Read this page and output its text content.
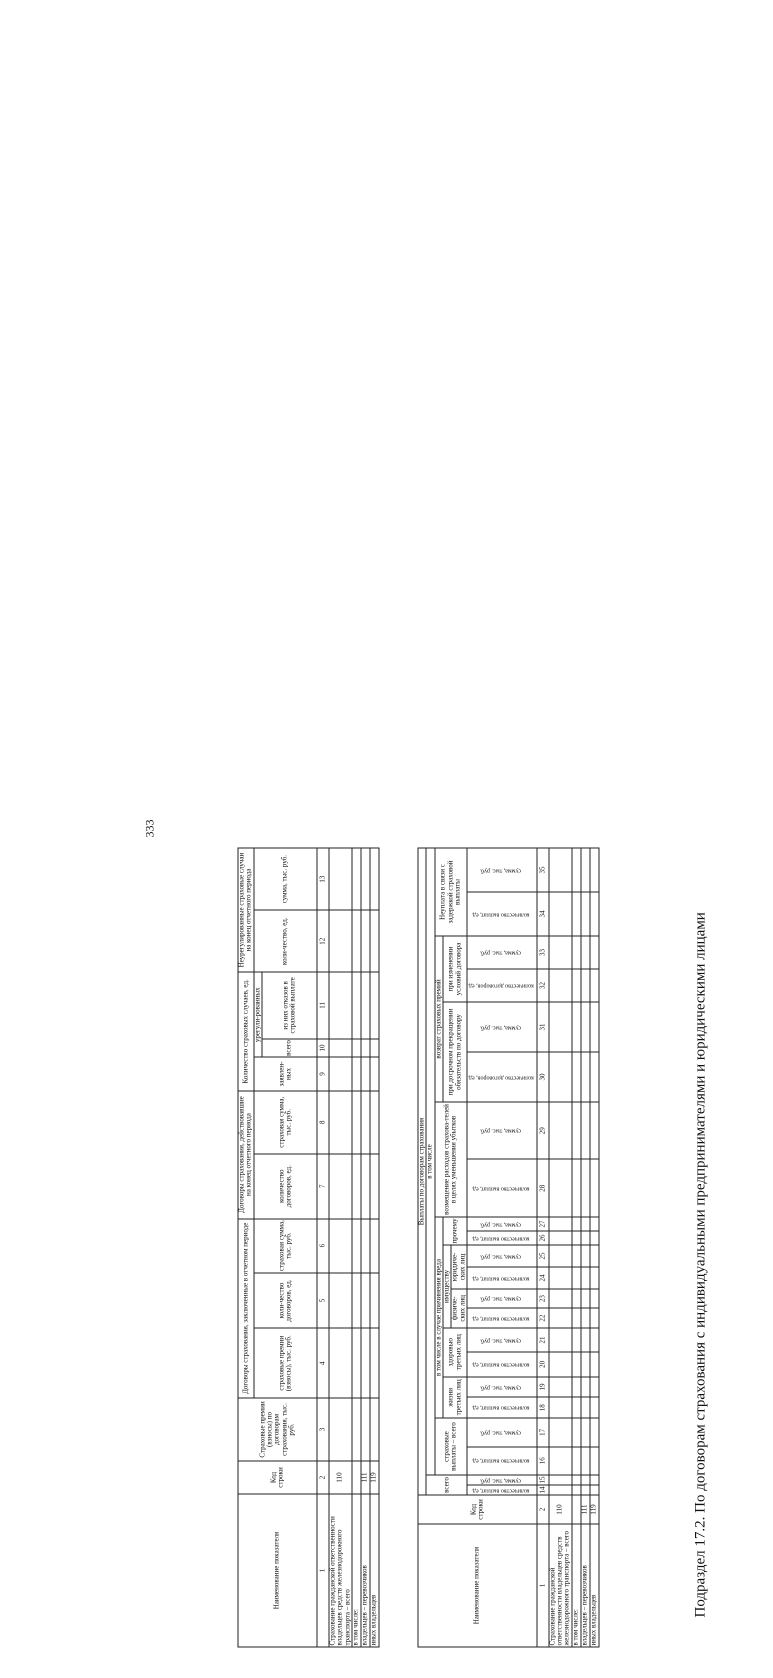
Подраздел 17.2. По договорам страхования с индивидуальными предпринимателями и юридическими лицами
333
Наименование показателя	Код строки	Страховые премии (взносы) по договорам страхования, тыс. руб.	Договоры страхования, заключенные в отчетном периоде			Договоры страхования, действовавшие на конец отчетного периода		Количество страховых случаев, ед.			Неурегулированные страховые случаи на конец отчетного периода	
			страховые премии (взносы), тыс. руб.	коли-чество договоров, ед.	страховая сумма, тыс. руб.	количество договоров, ед.	страховая сумма, тыс. руб.	заявлен-ных	урегули-рованных		коли-чество, ед.	сумма, тыс. руб.
									всего	из них отказов в страховой выплате		
1	2	3	4	5	6	7	8	9	10	11	12	13
Страхование гражданской ответственности владельцев средств железнодорожного транспорта – всего	110											
в том числе:												
владельцев – перевозчиков	111											
иных владельцев	119											
Наименование показателя	Код строки	Выплаты по договорам страхования																					
		всего		в том числе																			
				страховые выплаты – всего		в том числе в случае причинения вреда										возмещение расходов страхова-телей в целях уменьшения убытков		возврат страховых премий				Неуплата в связи с задержкой страховой выплаты	
						жизни третьих лиц		здоровью третьих лиц		имуществу				прочему				при досрочном прекращении обязательств по договору		при изменении условий договора			
										физиче-ских лиц		юридиче-ских лиц											
		количество выплат, ед.	сумма, тыс. руб.	количество выплат, ед.	сумма, тыс. руб.	количество выплат, ед.	сумма, тыс. руб.	количество выплат, ед.	сумма, тыс. руб.	количество выплат, ед.	сумма, тыс. руб.	количество выплат, ед.	сумма, тыс. руб.	количество выплат, ед.	сумма, тыс. руб.	количество выплат, ед.	сумма, тыс. руб.	количество договоров, ед.	сумма, тыс. руб.	количество договоров, ед.	сумма, тыс. руб.	количество выплат, ед.	сумма, тыс. руб.
1	2	14	15	16	17	18	19	20	21	22	23	24	25	26	27	28	29	30	31	32	33	34	35
Страхование гражданской ответственности владельцев средств железнодорожного транспорта – всего	110																						
в том числе:																							
владельцев – перевозчиков	111																						
иных владельцев	119																						
